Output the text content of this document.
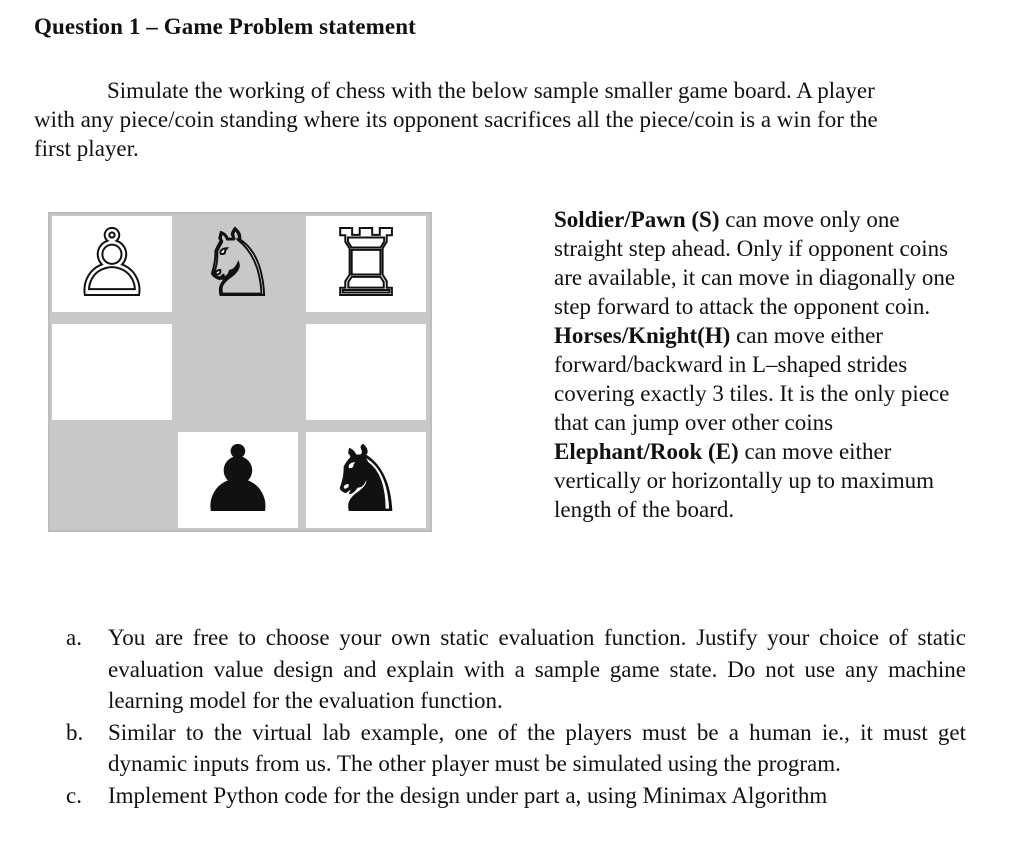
Question 1 – Game Problem statement
Simulate the working of chess with the below sample smaller game board. A player
with any piece/coin standing where its opponent sacrifices all the piece/coin is a win for the
first player.
♙ ♘ ♖
♟ ♞

Soldier/Pawn (S) can move only one straight step ahead. Only if opponent coins are available, it can move in diagonally one step forward to attack the opponent coin.

Horses/Knight(H) can move either forward/backward in L–shaped strides covering exactly 3 tiles. It is the only piece that can jump over other coins

Elephant/Rook (E) can move either vertically or horizontally up to maximum length of the board.

a. You are free to choose your own static evaluation function. Justify your choice of static evaluation value design and explain with a sample game state. Do not use any machine learning model for the evaluation function.
b. Similar to the virtual lab example, one of the players must be a human ie., it must get dynamic inputs from us. The other player must be simulated using the program.
c. Implement Python code for the design under part a, using Minimax Algorithm
